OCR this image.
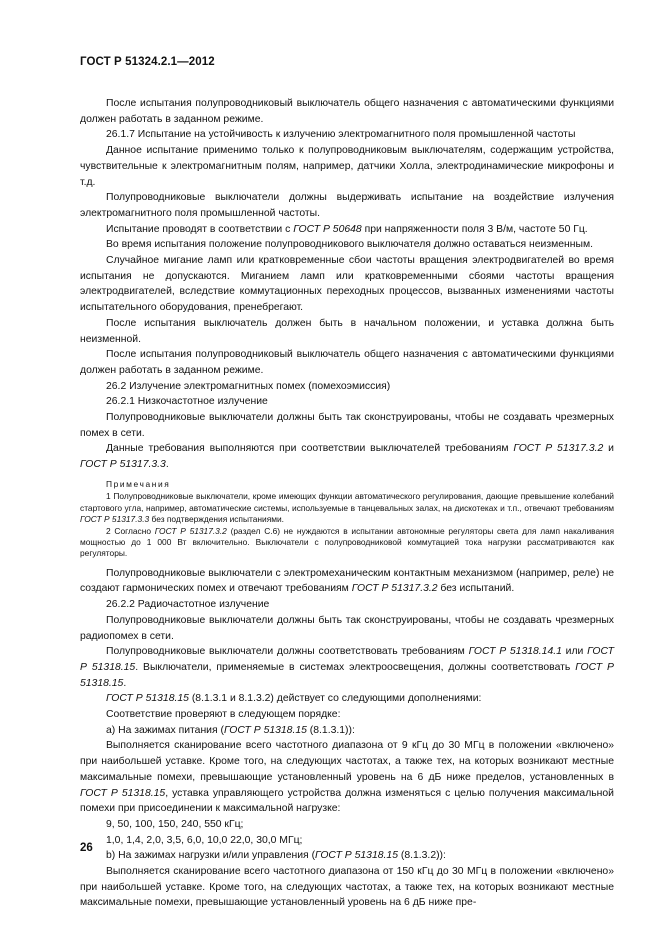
ГОСТ Р 51324.2.1—2012

После испытания полупроводниковый выключатель общего назначения с автоматическими функциями должен работать в заданном режиме.

26.1.7 Испытание на устойчивость к излучению электромагнитного поля промышленной частоты

Данное испытание применимо только к полупроводниковым выключателям, содержащим устройства, чувствительные к электромагнитным полям, например, датчики Холла, электродинамические микрофоны и т.д.

Полупроводниковые выключатели должны выдерживать испытание на воздействие излучения электромагнитного поля промышленной частоты.

Испытание проводят в соответствии с ГОСТ Р 50648 при напряженности поля 3 В/м, частоте 50 Гц.

Во время испытания положение полупроводникового выключателя должно оставаться неизменным.

Случайное мигание ламп или кратковременные сбои частоты вращения электродвигателей во время испытания не допускаются. Миганием ламп или кратковременными сбоями частоты вращения электродвигателей, вследствие коммутационных переходных процессов, вызванных изменениями частоты испытательного оборудования, пренебрегают.

После испытания выключатель должен быть в начальном положении, и уставка должна быть неизменной.

После испытания полупроводниковый выключатель общего назначения с автоматическими функциями должен работать в заданном режиме.

26.2 Излучение электромагнитных помех (помехоэмиссия)

26.2.1 Низкочастотное излучение

Полупроводниковые выключатели должны быть так сконструированы, чтобы не создавать чрезмерных помех в сети.

Данные требования выполняются при соответствии выключателей требованиям ГОСТ Р 51317.3.2 и ГОСТ Р 51317.3.3.

Примечания

1 Полупроводниковые выключатели, кроме имеющих функции автоматического регулирования, дающие превышение колебаний стартового угла, например, автоматические системы, используемые в танцевальных залах, на дискотеках и т.п., отвечают требованиям ГОСТ Р 51317.3.3 без подтверждения испытаниями.

2 Согласно ГОСТ Р 51317.3.2 (раздел С.6) не нуждаются в испытании автономные регуляторы света для ламп накаливания мощностью до 1 000 Вт включительно. Выключатели с полупроводниковой коммутацией тока нагрузки рассматриваются как регуляторы.

Полупроводниковые выключатели с электромеханическим контактным механизмом (например, реле) не создают гармонических помех и отвечают требованиям ГОСТ Р 51317.3.2 без испытаний.

26.2.2 Радиочастотное излучение

Полупроводниковые выключатели должны быть так сконструированы, чтобы не создавать чрезмерных радиопомех в сети.

Полупроводниковые выключатели должны соответствовать требованиям ГОСТ Р 51318.14.1 или ГОСТ Р 51318.15. Выключатели, применяемые в системах электроосвещения, должны соответствовать ГОСТ Р 51318.15.

ГОСТ Р 51318.15 (8.1.3.1 и 8.1.3.2) действует со следующими дополнениями:

Соответствие проверяют в следующем порядке:

а) На зажимах питания (ГОСТ Р 51318.15 (8.1.3.1)):

Выполняется сканирование всего частотного диапазона от 9 кГц до 30 МГц в положении «включено» при наибольшей уставке. Кроме того, на следующих частотах, а также тех, на которых возникают местные максимальные помехи, превышающие установленный уровень на 6 дБ ниже пределов, установленных в ГОСТ Р 51318.15, уставка управляющего устройства должна изменяться с целью получения максимальной помехи при присоединении к максимальной нагрузке:

9, 50, 100, 150, 240, 550 кГц;

1,0, 1,4, 2,0, 3,5, 6,0, 10,0 22,0, 30,0 МГц;

b) На зажимах нагрузки и/или управления (ГОСТ Р 51318.15 (8.1.3.2)):

Выполняется сканирование всего частотного диапазона от 150 кГц до 30 МГц в положении «включено» при наибольшей уставке. Кроме того, на следующих частотах, а также тех, на которых возникают местные максимальные помехи, превышающие установленный уровень на 6 дБ ниже пре-

26
